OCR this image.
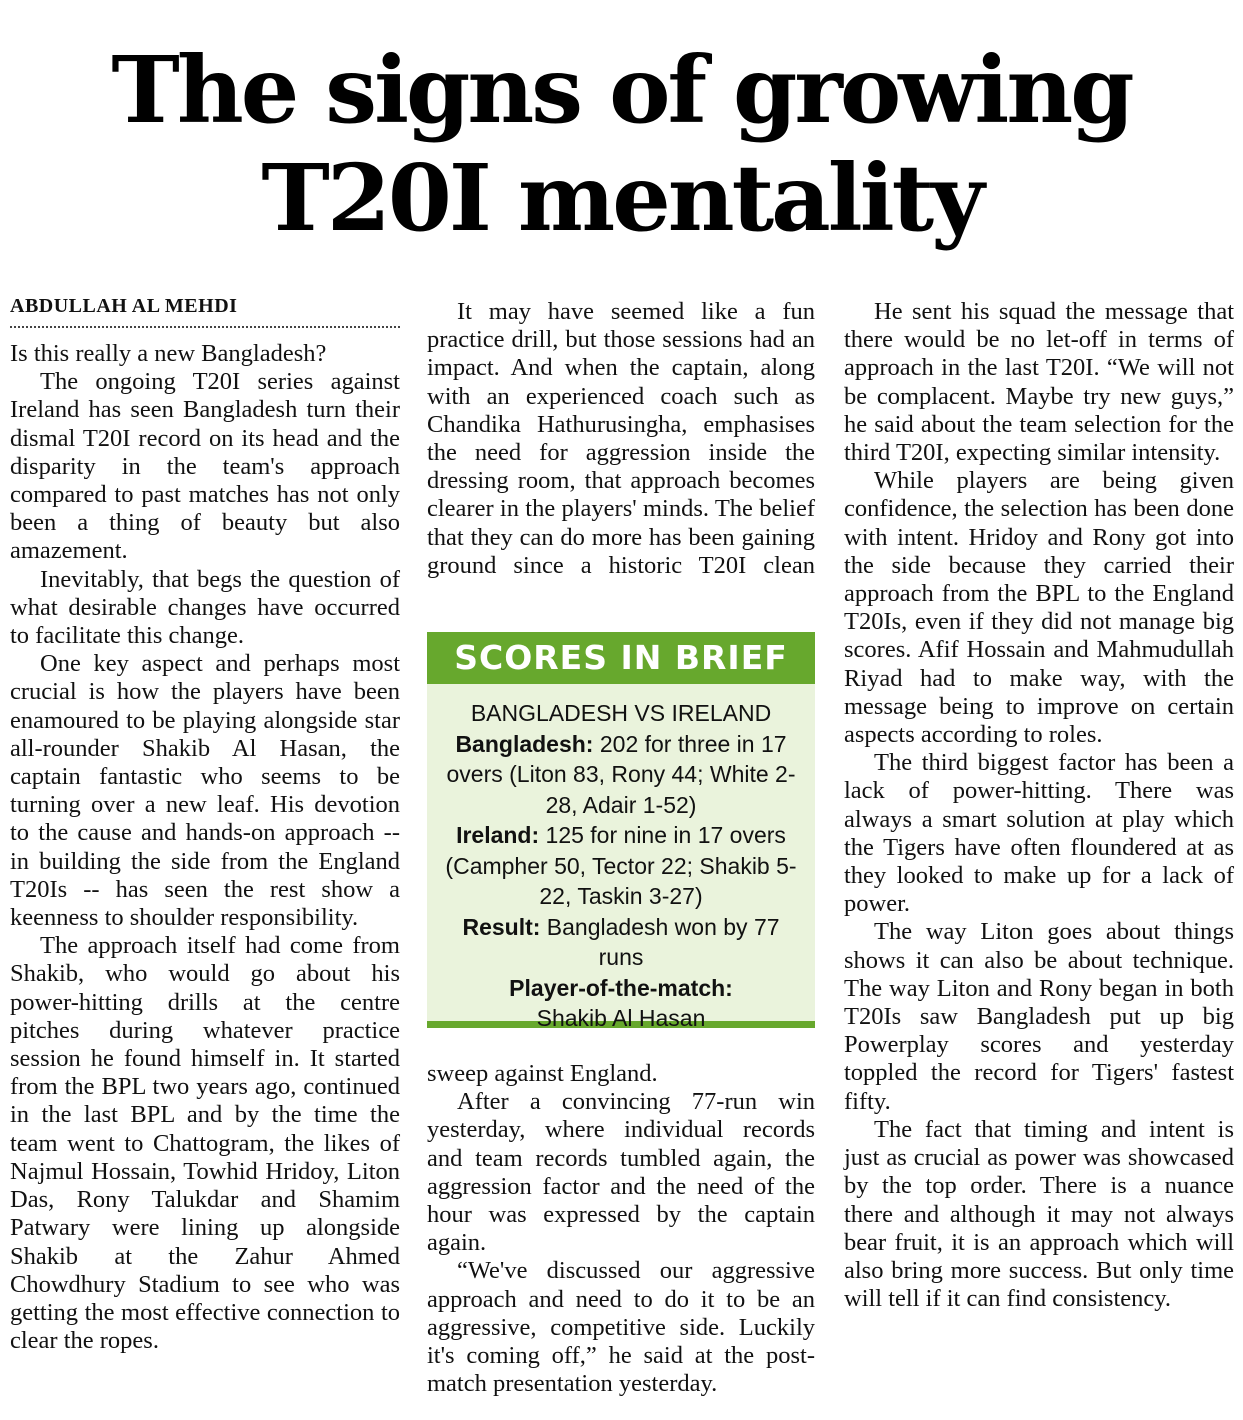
The signs of growing
T20I mentality
ABDULLAH AL MEHDI

Is this really a new Bangladesh?

The ongoing T20I series against Ireland has seen Bangladesh turn their dismal T20I record on its head and the disparity in the team's approach compared to past matches has not only been a thing of beauty but also amazement.

Inevitably, that begs the question of what desirable changes have occurred to facilitate this change.

One key aspect and perhaps most crucial is how the players have been enamoured to be playing alongside star all-rounder Shakib Al Hasan, the captain fantastic who seems to be turning over a new leaf. His devotion to the cause and hands-on approach -- in building the side from the England T20Is -- has seen the rest show a keenness to shoulder responsibility.

The approach itself had come from Shakib, who would go about his power-hitting drills at the centre pitches during whatever practice session he found himself in. It started from the BPL two years ago, continued in the last BPL and by the time the team went to Chattogram, the likes of Najmul Hossain, Towhid Hridoy, Liton Das, Rony Talukdar and Shamim Patwary were lining up alongside Shakib at the Zahur Ahmed Chowdhury Stadium to see who was getting the most effective connection to clear the ropes.

It may have seemed like a fun practice drill, but those sessions had an impact. And when the captain, along with an experienced coach such as Chandika Hathurusingha, emphasises the need for aggression inside the dressing room, that approach becomes clearer in the players' minds. The belief that they can do more has been gaining ground since a historic T20I clean

SCORES IN BRIEF
BANGLADESH VS IRELAND
Bangladesh: 202 for three in 17 overs (Liton 83, Rony 44; White 2-28, Adair 1-52)
Ireland: 125 for nine in 17 overs (Campher 50, Tector 22; Shakib 5-22, Taskin 3-27)
Result: Bangladesh won by 77 runs
Player-of-the-match:
Shakib Al Hasan

sweep against England.

After a convincing 77-run win yesterday, where individual records and team records tumbled again, the aggression factor and the need of the hour was expressed by the captain again.

“We've discussed our aggressive approach and need to do it to be an aggressive, competitive side. Luckily it's coming off,” he said at the post-match presentation yesterday.

He sent his squad the message that there would be no let-off in terms of approach in the last T20I. “We will not be complacent. Maybe try new guys,” he said about the team selection for the third T20I, expecting similar intensity.

While players are being given confidence, the selection has been done with intent. Hridoy and Rony got into the side because they carried their approach from the BPL to the England T20Is, even if they did not manage big scores. Afif Hossain and Mahmudullah Riyad had to make way, with the message being to improve on certain aspects according to roles.

The third biggest factor has been a lack of power-hitting. There was always a smart solution at play which the Tigers have often floundered at as they looked to make up for a lack of power.

The way Liton goes about things shows it can also be about technique. The way Liton and Rony began in both T20Is saw Bangladesh put up big Powerplay scores and yesterday toppled the record for Tigers' fastest fifty.

The fact that timing and intent is just as crucial as power was showcased by the top order. There is a nuance there and although it may not always bear fruit, it is an approach which will also bring more success. But only time will tell if it can find consistency.
